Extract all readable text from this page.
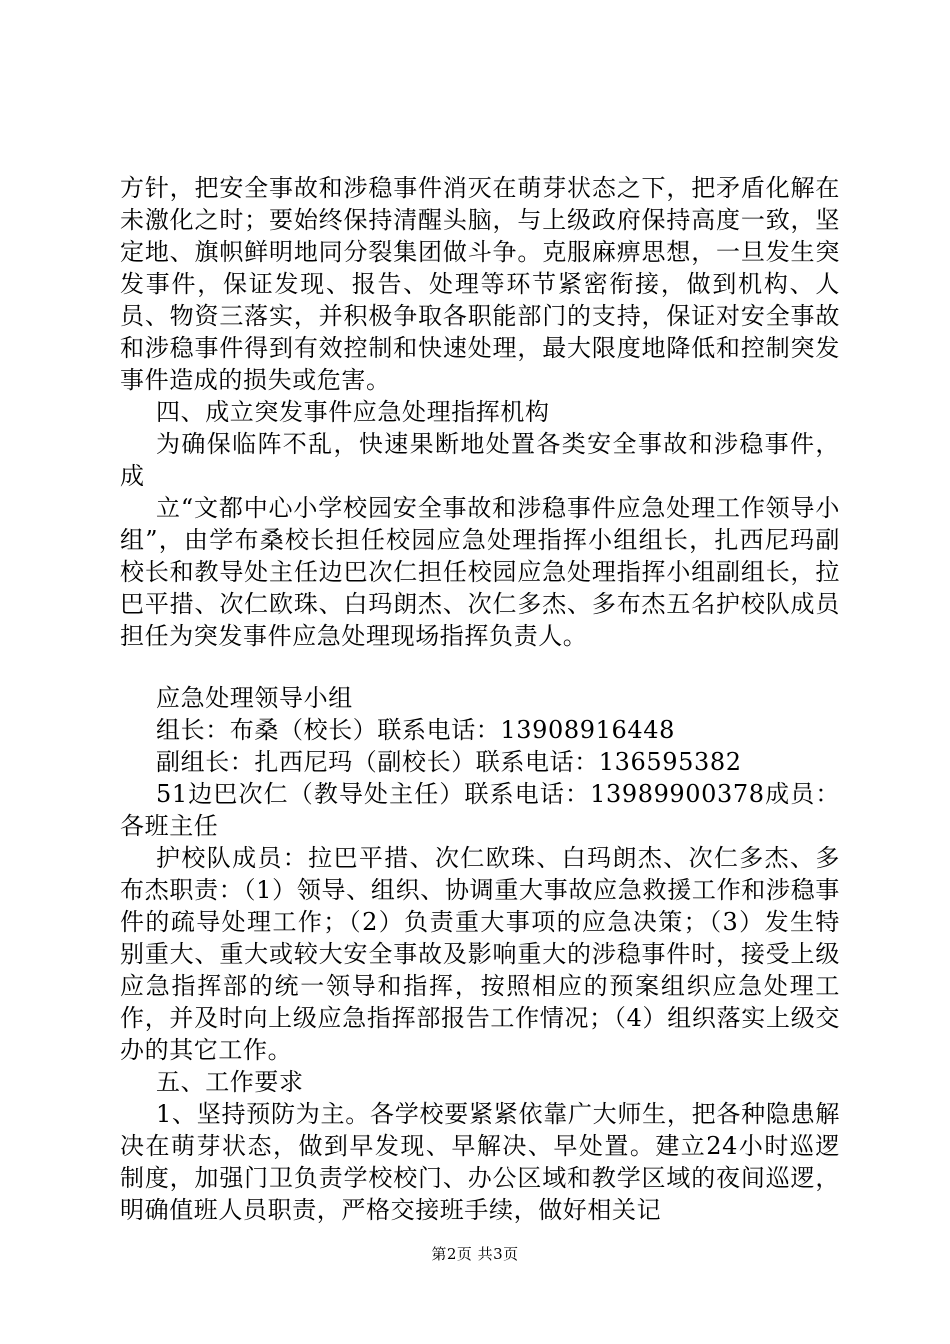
方针，把安全事故和涉稳事件消灭在萌芽状态之下，把矛盾化解在未激化之时；要始终保持清醒头脑，与上级政府保持高度一致，坚定地、旗帜鲜明地同分裂集团做斗争。克服麻痹思想，一旦发生突发事件，保证发现、报告、处理等环节紧密衔接，做到机构、人员、物资三落实，并积极争取各职能部门的支持，保证对安全事故和涉稳事件得到有效控制和快速处理，最大限度地降低和控制突发事件造成的损失或危害。

四、成立突发事件应急处理指挥机构

为确保临阵不乱，快速果断地处置各类安全事故和涉稳事件，成

立“文都中心小学校园安全事故和涉稳事件应急处理工作领导小组”，由学布桑校长担任校园应急处理指挥小组组长，扎西尼玛副校长和教导处主任边巴次仁担任校园应急处理指挥小组副组长，拉巴平措、次仁欧珠、白玛朗杰、次仁多杰、多布杰五名护校队成员担任为突发事件应急处理现场指挥负责人。

应急处理领导小组

组长：布桑（校长）联系电话：13908916448

副组长：扎西尼玛（副校长）联系电话：136595382

51边巴次仁（教导处主任）联系电话：13989900378成员：各班主任

护校队成员：拉巴平措、次仁欧珠、白玛朗杰、次仁多杰、多布杰职责：（1）领导、组织、协调重大事故应急救援工作和涉稳事件的疏导处理工作；（2）负责重大事项的应急决策；（3）发生特别重大、重大或较大安全事故及影响重大的涉稳事件时，接受上级应急指挥部的统一领导和指挥，按照相应的预案组织应急处理工作，并及时向上级应急指挥部报告工作情况；（4）组织落实上级交办的其它工作。

五、工作要求

1、坚持预防为主。各学校要紧紧依靠广大师生，把各种隐患解决在萌芽状态，做到早发现、早解决、早处置。建立24小时巡逻制度，加强门卫负责学校校门、办公区域和教学区域的夜间巡逻，明确值班人员职责，严格交接班手续，做好相关记

第2页 共3页
